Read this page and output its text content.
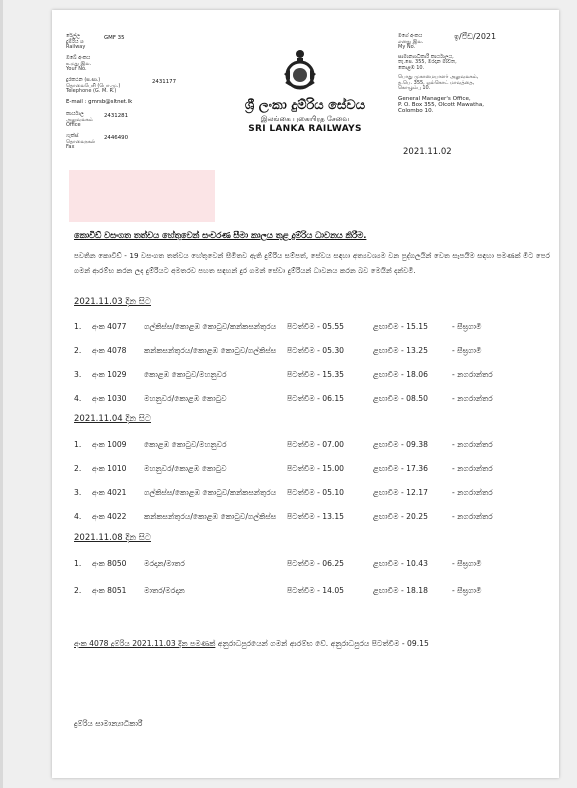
රේල්ල
දුම්රිය ශ
Railway
GMF 35
ඔබේ අංකය
உமது இல.
Your No.
දුරකථන (ස.සා.)
தொலைபேசி (பொ.மு.)
Telephone (G. M. R.)
2431177
E-mail : gmrsb@sltnet.lk
කාර්යාල
அலுவலகம்
Office
2431281
ෆැක්ස්
தொலைநகல்
Fax
2446490
ශ්‍රී ලංකා දුම්රිය සේවය
இலங்கை புகையிரத சேவை
SRI LANKA RAILWAYS
ඉ/ඵීඩ/2021
මගේ අංකය
எனது இல.
My No.
සාමාන්‍යාධිකාරී කාර්යාලය,
තැ.පෙ. 355, මරදාන මාවත,
කොළඹ 10.
பொது முகாமையாளர் அலுவலகம்,
த.பெ. 355, ஒல்கொட் மாவத்தை,
கொழும்பு 10.
General Manager's Office,
P. O. Box 355, Olcott Mawatha,
Colombo 10.
2021.11.02
කොවිඩ් වසංගත තත්වය හේතුවෙන් සංචරණ සීමා කාලය තුළ දුම්රිය ධාවනය කිරීම.
පවතින කොවිඩ් - 19 වසංගත තත්වය හේතුවෙන් සීමිතව ඇති දුම්රිය සම්පත්, සේවය සඳහා අත්‍යවශ්‍යම වන පුද්ගලයින් වෙත සැපයීම සඳහා පමණක් මීට පෙර ගමන් ආරම්භ කරන ලද දුම්රියට අමතරව පහත සඳහන් දුර ගමන් සේවා දුම්රියන් ධාවනය කරන බව මෙයින් දන්වමි.
2021.11.03 දින සිට
1. අංක 4077 ගල්කිස්ස/කොළඹ කොටුව/කන්කසන්තුරය පිටත්වීම - 05.55	ළඟාවීම - 15.15	- සීඝ්‍රගාමී
2. අංක 4078 කන්කසන්තුරය/කොළඹ කොටුව/ගල්කිස්ස පිටත්වීම - 05.30	ළඟාවීම - 13.25	- සීඝ්‍රගාමී
3. අංක 1029 කොළඹ කොටුව/මහනුවර	පිටත්වීම - 15.35	ළඟාවීම - 18.06	- නගරාන්තර
4. අංක 1030 මහනුවර/කොළඹ කොටුව	පිටත්වීම - 06.15	ළඟාවීම - 08.50	- නගරාන්තර
2021.11.04 දින සිට
1. අංක 1009 කොළඹ කොටුව/මහනුවර	පිටත්වීම - 07.00	ළඟාවීම - 09.38	- නගරාන්තර
2. අංක 1010 මහනුවර/කොළඹ කොටුව	පිටත්වීම - 15.00	ළඟාවීම - 17.36	- නගරාන්තර
3. අංක 4021 ගල්කිස්ස/කොළඹ කොටුව/කන්කසන්තුරය පිටත්වීම - 05.10	ළඟාවීම - 12.17	- නගරාන්තර
4. අංක 4022 කන්කසන්තුරය/කොළඹ කොටුව/ගල්කිස්ස පිටත්වීම - 13.15	ළඟාවීම - 20.25	- නගරාන්තර
2021.11.08 දින සිට
1. අංක 8050 මරදාන/මාතර	පිටත්වීම - 06.25	ළඟාවීම - 10.43	- සීඝ්‍රගාමී
2. අංක 8051 මාතර/මරදාන	පිටත්වීම - 14.05	ළඟාවීම - 18.18	- සීඝ්‍රගාමී
අංක 4078 දුම්රිය 2021.11.03 දින පමණක් අනුරාධපුරයෙන් ගමන් ආරම්භ වේ. අනුරාධපුරය පිටත්වීම - 09.15
දුම්රිය සාමාන්‍යාධිකාරී
